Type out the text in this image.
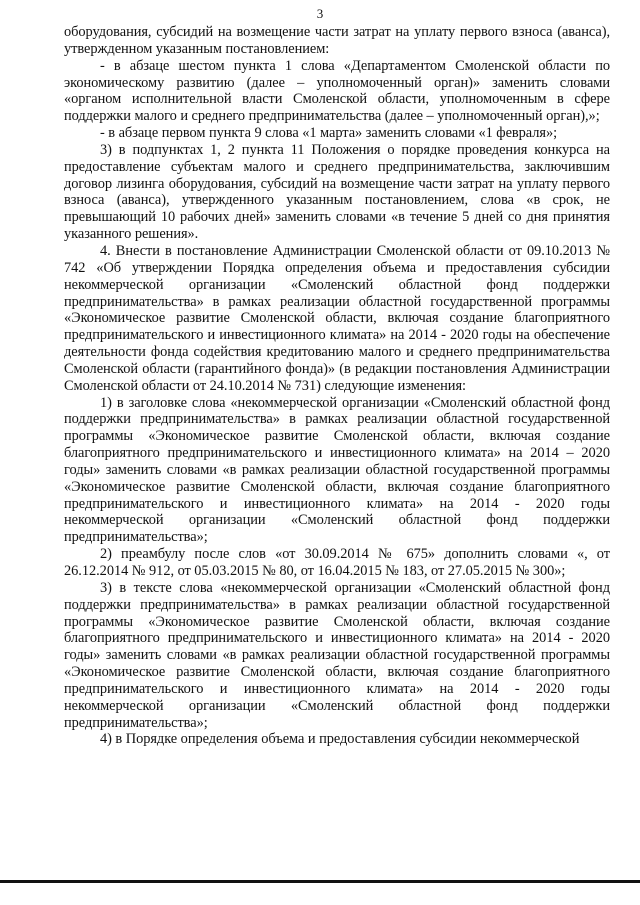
3

оборудования, субсидий на возмещение части затрат на уплату первого взноса (аванса), утвержденном указанным постановлением:

- в абзаце шестом пункта 1 слова «Департаментом Смоленской области по экономическому развитию (далее – уполномоченный орган)» заменить словами «органом исполнительной власти Смоленской области, уполномоченным в сфере поддержки малого и среднего предпринимательства (далее – уполномоченный орган),»;

- в абзаце первом пункта 9 слова «1 марта» заменить словами «1 февраля»;

3) в подпунктах 1, 2 пункта 11 Положения о порядке проведения конкурса на предоставление субъектам малого и среднего предпринимательства, заключившим договор лизинга оборудования, субсидий на возмещение части затрат на уплату первого взноса (аванса), утвержденного указанным постановлением, слова «в срок, не превышающий 10 рабочих дней» заменить словами «в течение 5 дней со дня принятия указанного решения».

4. Внести в постановление Администрации Смоленской области от 09.10.2013 № 742 «Об утверждении Порядка определения объема и предоставления субсидии некоммерческой организации «Смоленский областной фонд поддержки предпринимательства» в рамках реализации областной государственной программы «Экономическое развитие Смоленской области, включая создание благоприятного предпринимательского и инвестиционного климата» на 2014 - 2020 годы на обеспечение деятельности фонда содействия кредитованию малого и среднего предпринимательства Смоленской области (гарантийного фонда)» (в редакции постановления Администрации Смоленской области от 24.10.2014 № 731) следующие изменения:

1) в заголовке слова «некоммерческой организации «Смоленский областной фонд поддержки предпринимательства» в рамках реализации областной государственной программы «Экономическое развитие Смоленской области, включая создание благоприятного предпринимательского и инвестиционного климата» на 2014 – 2020 годы» заменить словами «в рамках реализации областной государственной программы «Экономическое развитие Смоленской области, включая создание благоприятного предпринимательского и инвестиционного климата» на 2014 - 2020 годы некоммерческой организации «Смоленский областной фонд поддержки предпринимательства»;

2) преамбулу после слов «от 30.09.2014 № 675» дополнить словами «, от 26.12.2014 № 912, от 05.03.2015 № 80, от 16.04.2015 № 183, от 27.05.2015 № 300»;

3) в тексте слова «некоммерческой организации «Смоленский областной фонд поддержки предпринимательства» в рамках реализации областной государственной программы «Экономическое развитие Смоленской области, включая создание благоприятного предпринимательского и инвестиционного климата» на 2014 - 2020 годы» заменить словами «в рамках реализации областной государственной программы «Экономическое развитие Смоленской области, включая создание благоприятного предпринимательского и инвестиционного климата» на 2014 - 2020 годы некоммерческой организации «Смоленский областной фонд поддержки предпринимательства»;

4) в Порядке определения объема и предоставления субсидии некоммерческой
